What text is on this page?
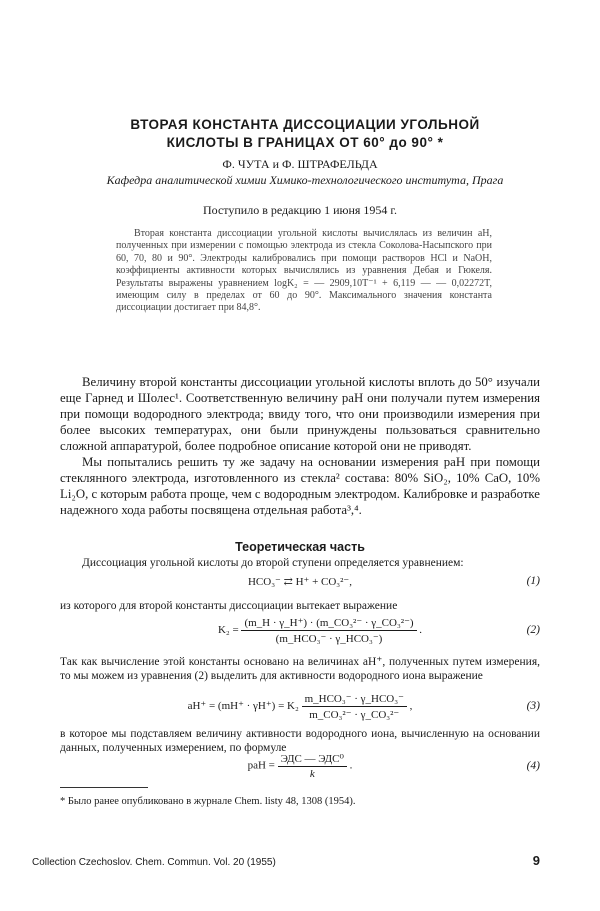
ВТОРАЯ КОНСТАНТА ДИССОЦИАЦИИ УГОЛЬНОЙ
КИСЛОТЫ В ГРАНИЦАХ ОТ 60° до 90° *
Ф. ЧУТА и Ф. ШТРАФЕЛЬДА
Кафедра аналитической химии Химико-технологического института, Прага
Поступило в редакцию 1 июня 1954 г.
Вторая константа диссоциации угольной кислоты вычислялась из величин aH, полученных при измерении с помощью электрода из стекла Соколова-Насыпского при 60, 70, 80 и 90°. Электроды калибровались при помощи растворов HCl и NaOH, коэффициенты активности которых вычислялись из уравнения Дебая и Гюкеля. Результаты выражены уравнением logK₂ = — 2909,10T⁻¹ + 6,119 — — 0,02272T, имеющим силу в пределах от 60 до 90°. Максимального значения константа диссоциации достигает при 84,8°.
Величину второй константы диссоциации угольной кислоты вплоть до 50° изучали еще Гарнед и Шолес¹. Соответственную величину paH они получали путем измерения при помощи водородного электрода; ввиду того, что они производили измерения при более высоких температурах, они были принуждены пользоваться сравнительно сложной аппаратурой, более подробное описание которой они не приводят.
Мы попытались решить ту же задачу на основании измерения paH при помощи стеклянного электрода, изготовленного из стекла² состава: 80% SiO₂, 10% CaO, 10% Li₂O, с которым работа проще, чем с водородным электродом. Калибровке и разработке надежного хода работы посвящена отдельная работа³,⁴.
Теоретическая часть
Диссоциация угольной кислоты до второй ступени определяется уравнением:
HCO₃⁻ ⇄ H⁺ + CO₃²⁻,	(1)
из которого для второй константы диссоциации вытекает выражение
$K_2 = \frac{\text{(m\_H · γ\_H⁺) · (m\_CO₃²⁻ · γ\_CO₃²⁻)}}{\text{(m\_HCO₃⁻ · γ\_HCO₃⁻)}}$ .	(2)
Так как вычисление этой константы основано на величинах aH⁺, полученных путем измерения, то мы можем из уравнения (2) выделить для активности водородного иона выражение
$aH^+ = (mH^+ \cdot \gamma H^+) = K_2 \frac{\text{m\_HCO₃⁻ · γ\_HCO₃⁻}}{\text{m\_CO₃²⁻ · γ\_CO₃²⁻}}$ ,	(3)
в которое мы подставляем величину активности водородного иона, вычисленную на основании данных, полученных измерением, по формуле
paH = $\frac{\text{ЭДС — ЭДС⁰}}{k}$ .	(4)
* Было ранее опубликовано в журнале Chem. listy 48, 1308 (1954).
Collection Czechoslov. Chem. Commun. Vol. 20 (1955)	9
